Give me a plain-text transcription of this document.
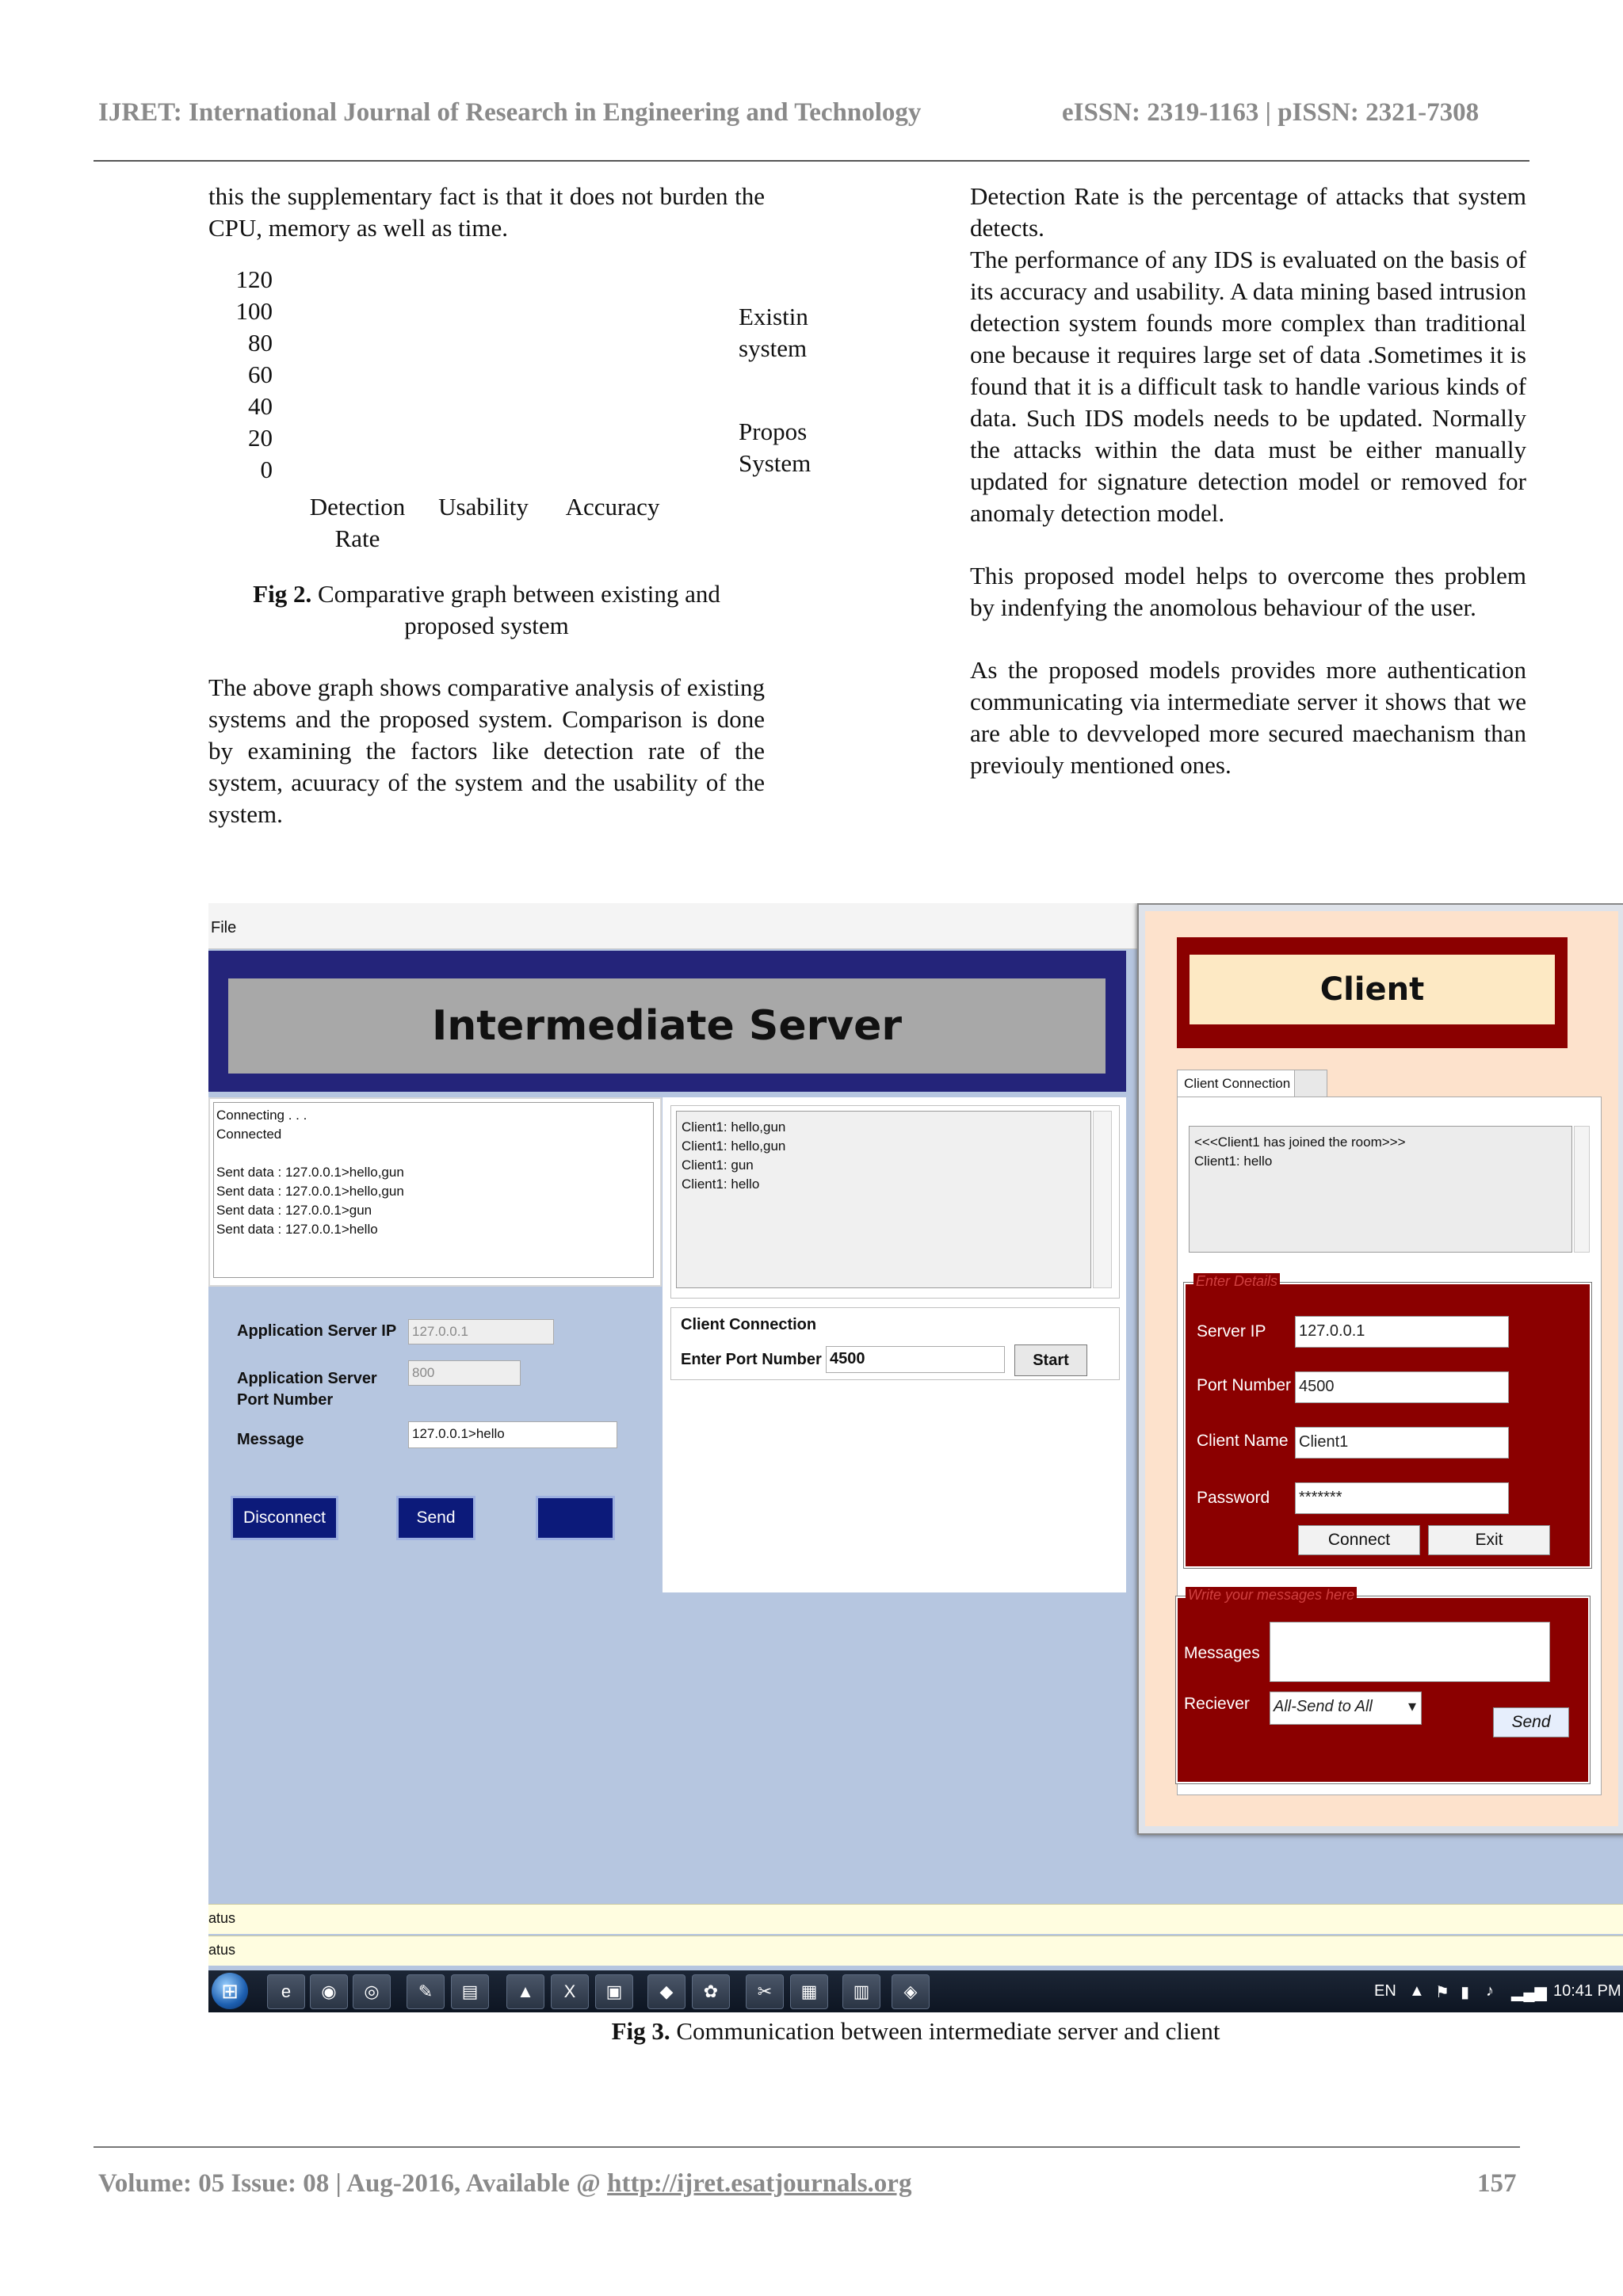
IJRET: International Journal of Research in Engineering and Technology	eISSN: 2319-1163 | pISSN: 2321-7308

this the supplementary fact is that it does not burden the CPU, memory as well as time.

120
100
80
60
40
20
0
Detection Rate
Usability	Accuracy
Existin
system
Propos
System
Fig 2. Comparative graph between existing and proposed system

The above graph shows comparative analysis of existing systems and the proposed system. Comparison is done by examining the factors like detection rate of the system, acuuracy of the system and the usability of the system.

Detection Rate is the percentage of attacks that system detects.

The performance of any IDS is evaluated on the basis of its accuracy and usability. A data mining based intrusion detection system founds more complex than traditional one because it requires large set of data .Sometimes it is found that it is a difficult task to handle various kinds of data. Such IDS models needs to be updated. Normally the attacks within the data must be either manually updated for signature detection model or removed for anomaly detection model.

This proposed model helps to overcome thes problem by indenfying the anomolous behaviour of the user.

As the proposed models provides more authentication communicating via intermediate server it shows that we are able to devveloped more secured maechanism than previouly mentioned ones.

File
Intermediate Server
Connecting . . .
Connected

Sent data : 127.0.0.1>hello,gun
Sent data : 127.0.0.1>hello,gun
Sent data : 127.0.0.1>gun
Sent data : 127.0.0.1>hello
Client1: hello,gun
Client1: hello,gun
Client1: gun
Client1: hello
Client Connection
Enter Port Number 4500	Start
Application Server IP 127.0.0.1
Application Server Port Number
800
Message	127.0.0.1>hello
Disconnect	Send
Client
Client Connection
<<<Client1 has joined the room>>>
Client1: hello
Enter Details
Server IP 127.0.0.1
Port Number 4500
Client Name Client1
Password *******
Connect	Exit
Write your messages here
Messages
Reciever All-Send to All ▾
Send
atus
atus
⊞	e	◉	◎	✎	▤	▲	X	▣	◆	✿	✂	▦	▥	◈	EN ▲ ⚑ ▮ ♪ ▂▄▆ 10:41 PM
Fig 3. Communication between intermediate server and client
Volume: 05 Issue: 08 | Aug-2016, Available @ http://ijret.esatjournals.org	157
